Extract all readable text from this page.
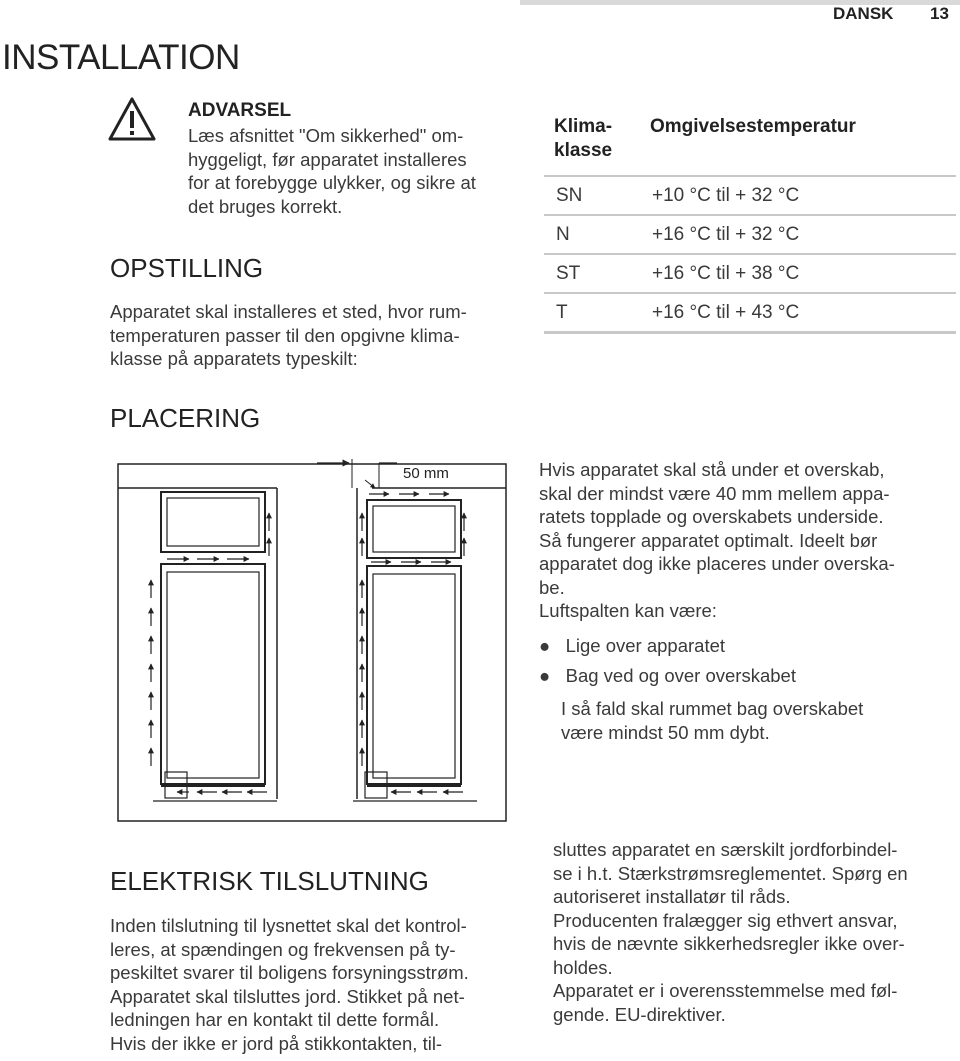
DANSK 13
INSTALLATION
ADVARSEL
Læs afsnittet "Om sikkerhed" om-
hyggeligt, før apparatet installeres
for at forebygge ulykker, og sikre at
det bruges korrekt.
OPSTILLING
Apparatet skal installeres et sted, hvor rum-
temperaturen passer til den opgivne klima-
klasse på apparatets typeskilt:
Klima-
klasse	Omgivelsestemperatur
SN	+10 °C til + 32 °C
N	+16 °C til + 32 °C
ST	+16 °C til + 38 °C
T	+16 °C til + 43 °C
PLACERING
50 mm	Hvis apparatet skal stå under et overskab,
skal der mindst være 40 mm mellem appa-
ratets topplade og overskabets underside.
Så fungerer apparatet optimalt. Ideelt bør
apparatet dog ikke placeres under overska-
be.
Luftspalten kan være:
● Lige over apparatet
● Bag ved og over overskabet
I så fald skal rummet bag overskabet
være mindst 50 mm dybt.
ELEKTRISK TILSLUTNING
Inden tilslutning til lysnettet skal det kontrol-
leres, at spændingen og frekvensen på ty-
peskiltet svarer til boligens forsyningsstrøm.
Apparatet skal tilsluttes jord. Stikket på net-
ledningen har en kontakt til dette formål.
Hvis der ikke er jord på stikkontakten, til-
sluttes apparatet en særskilt jordforbindel-
se i h.t. Stærkstrømsreglementet. Spørg en
autoriseret installatør til råds.
Producenten fralægger sig ethvert ansvar,
hvis de nævnte sikkerhedsregler ikke over-
holdes.
Apparatet er i overensstemmelse med føl-
gende. EU-direktiver.
